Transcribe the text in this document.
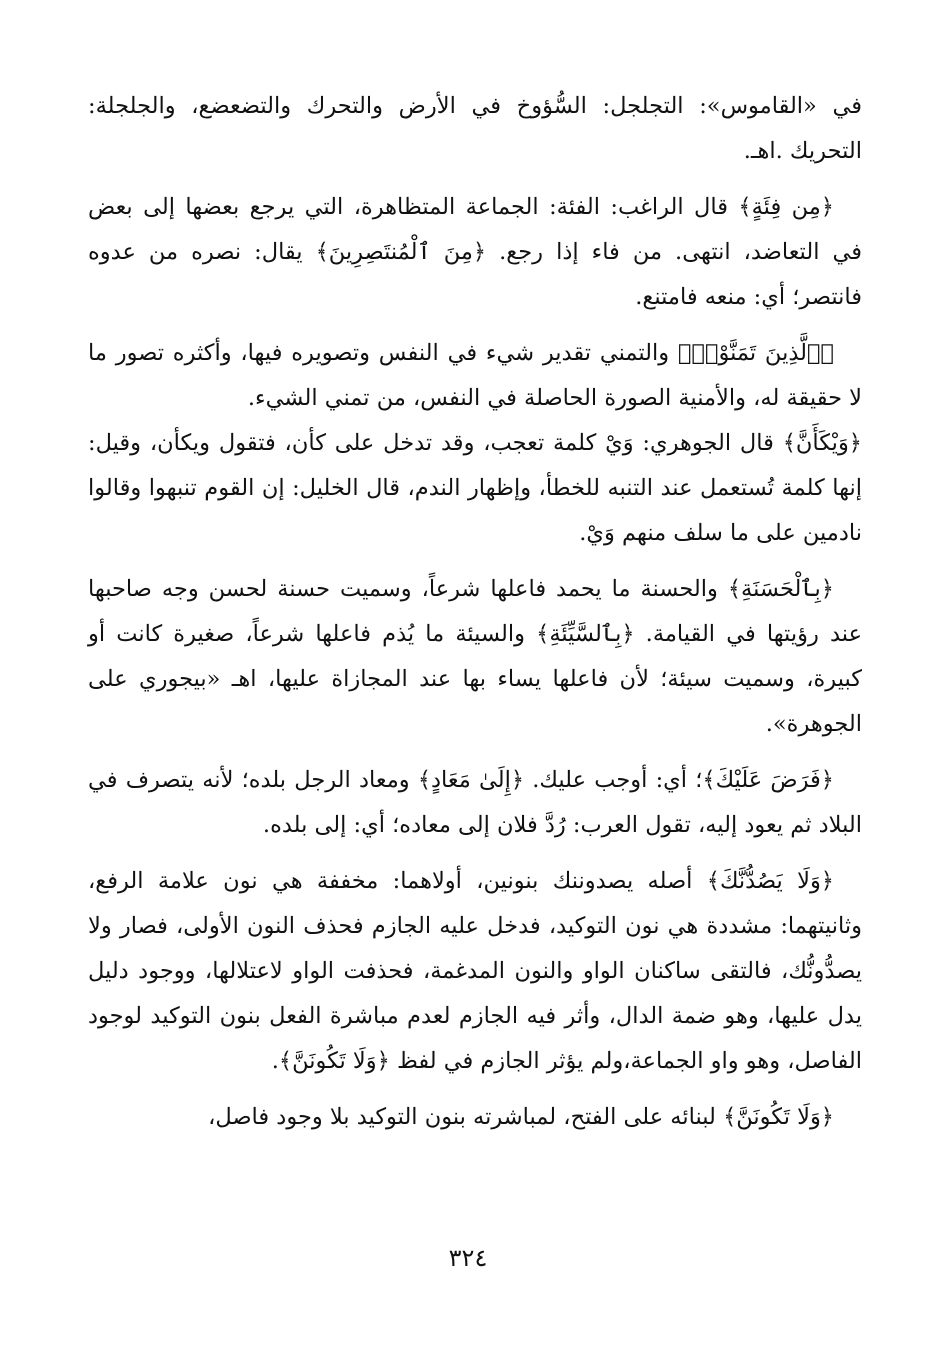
في «القاموس»: التجلجل: السُّؤوخ في الأرض والتحرك والتضعضع، والجلجلة: التحريك .اهـ.

﴿مِن فِئَةٍ﴾ قال الراغب: الفئة: الجماعة المتظاهرة، التي يرجع بعضها إلى بعض في التعاضد، انتهى. من فاء إذا رجع. ﴿مِنَ ٱلْمُنتَصِرِينَ﴾ يقال: نصره من عدوه فانتصر؛ أي: منعه فامتنع.

﴿ٱلَّذِينَ تَمَنَّوْا۟﴾ والتمني تقدير شيء في النفس وتصويره فيها، وأكثره تصور ما لا حقيقة له، والأمنية الصورة الحاصلة في النفس، من تمني الشيء.

﴿وَيْكَأَنَّ﴾ قال الجوهري: وَيْ كلمة تعجب، وقد تدخل على كأن، فتقول ويكأن، وقيل: إنها كلمة تُستعمل عند التنبه للخطأ، وإظهار الندم، قال الخليل: إن القوم تنبهوا وقالوا نادمين على ما سلف منهم وَيْ.

﴿بِٱلْحَسَنَةِ﴾ والحسنة ما يحمد فاعلها شرعاً، وسميت حسنة لحسن وجه صاحبها عند رؤيتها في القيامة. ﴿بِٱلسَّيِّئَةِ﴾ والسيئة ما يُذم فاعلها شرعاً، صغيرة كانت أو كبيرة، وسميت سيئة؛ لأن فاعلها يساء بها عند المجازاة عليها، اهـ «بيجوري على الجوهرة».

﴿فَرَضَ عَلَيْكَ﴾؛ أي: أوجب عليك. ﴿إِلَىٰ مَعَادٍ﴾ ومعاد الرجل بلده؛ لأنه يتصرف في البلاد ثم يعود إليه، تقول العرب: رُدَّ فلان إلى معاده؛ أي: إلى بلده.

﴿وَلَا يَصُدُّنَّكَ﴾ أصله يصدوننك بنونين، أولاهما: مخففة هي نون علامة الرفع، وثانيتهما: مشددة هي نون التوكيد، فدخل عليه الجازم فحذف النون الأولى، فصار ولا يصدُّونُّك، فالتقى ساكنان الواو والنون المدغمة، فحذفت الواو لاعتلالها، ووجود دليل يدل عليها، وهو ضمة الدال، وأثر فيه الجازم لعدم مباشرة الفعل بنون التوكيد لوجود الفاصل، وهو واو الجماعة،ولم يؤثر الجازم في لفظ ﴿وَلَا تَكُونَنَّ﴾.

﴿وَلَا تَكُونَنَّ﴾ لبنائه على الفتح، لمباشرته بنون التوكيد بلا وجود فاصل،

٣٢٤
